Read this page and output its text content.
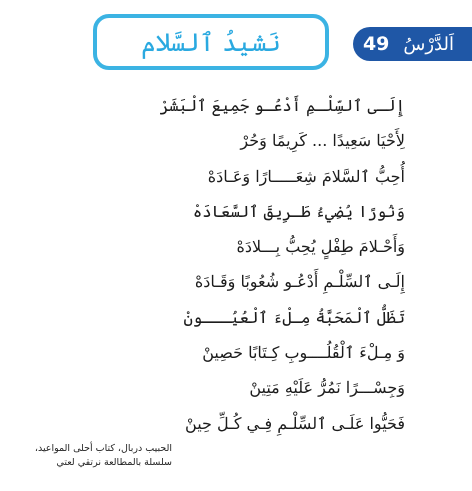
نَشيدُ ٱلسَّلام	اَلدَّرْسُ
49
إِلَـى ٱلسِّلْـمِ أَدْعُـو جَمِيعَ ٱلْبَشَرْ
لِأَحْيَا سَعِيدًا ... كَرِيمًا وَحُرْ
أُحِبُّ ٱلسَّلامَ شِعَـــــارًا وَعَـادَهْ
وَنُورًا يُضِيءُ طَـرِيقَ ٱلسَّعَادَهْ
وَأَحْـلامَ طِفْلٍ يُحِبُّ بِـــلادَهْ
إِلَـى ٱلسِّلْـمِ أَدْعُـو شُعُوبًا وَقَـادَهْ
تَظَلُّ ٱلْمَحَبَّةُ مِـلْءَ ٱلْعُيُـــونْ
وَ مِـلْءَ ٱلْقُلُــــوبِ كِـتَابًا حَصِينْ
وَجِسْـــرًا نَمُرُّ عَلَيْهِ مَتِينْ
فَحَيُّوا عَلَـى ٱلسِّلْـمِ فِـي كُـلِّ حِينْ
الحبيب دربال، كتاب أحلى المواعيد،
سلسلة بالمطالعة نرتقي لعتي
